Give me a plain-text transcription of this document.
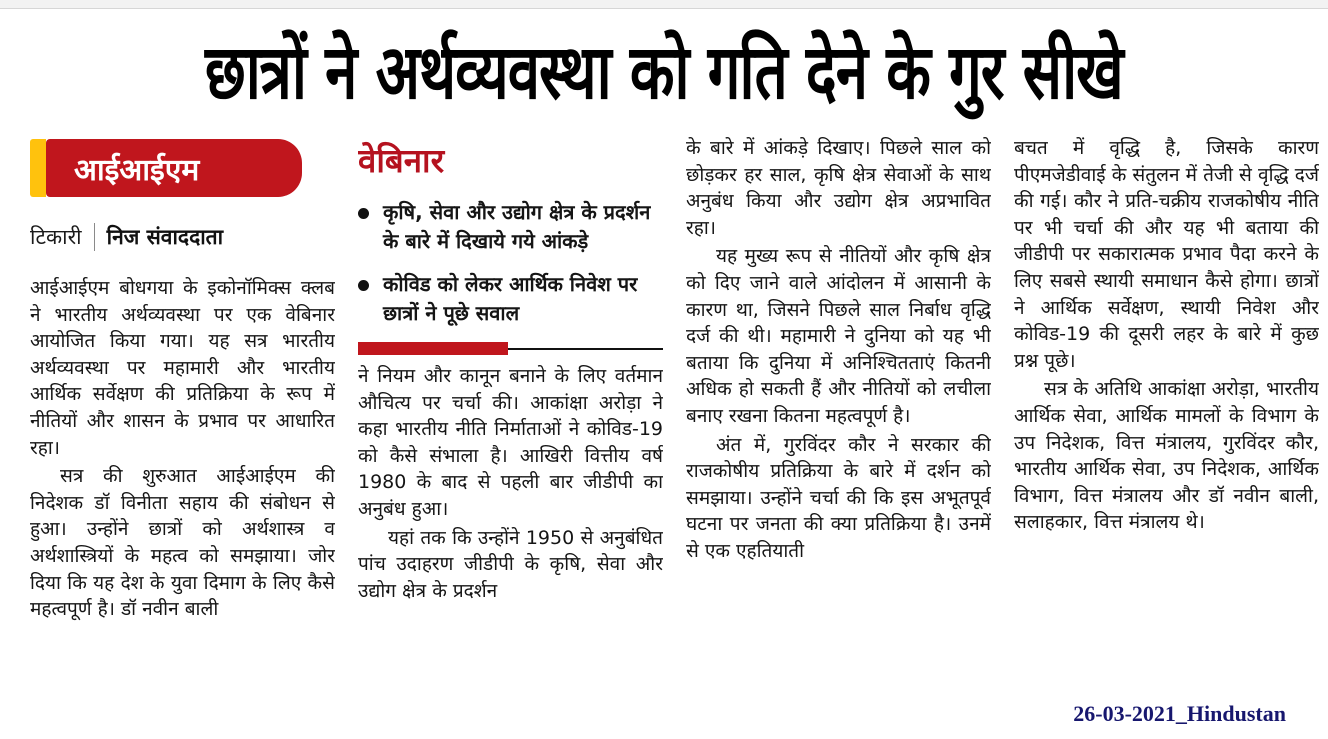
छात्रों ने अर्थव्यवस्था को गति देने के गुर सीखे
आईआईएम
टिकारी निज संवाददाता

आईआईएम बोधगया के इकोनॉमिक्स क्लब ने भारतीय अर्थव्यवस्था पर एक वेबिनार आयोजित किया गया। यह सत्र भारतीय अर्थव्यवस्था पर महामारी और भारतीय आर्थिक सर्वेक्षण की प्रतिक्रिया के रूप में नीतियों और शासन के प्रभाव पर आधारित रहा।

सत्र की शुरुआत आईआईएम की निदेशक डॉ विनीता सहाय की संबोधन से हुआ। उन्होंने छात्रों को अर्थशास्त्र व अर्थशास्त्रियों के महत्व को समझाया। जोर दिया कि यह देश के युवा दिमाग के लिए कैसे महत्वपूर्ण है। डॉ नवीन बाली

वेबिनार
कृषि, सेवा और उद्योग क्षेत्र के प्रदर्शन के बारे में दिखाये गये आंकड़े
कोविड को लेकर आर्थिक निवेश पर छात्रों ने पूछे सवाल

ने नियम और कानून बनाने के लिए वर्तमान औचित्य पर चर्चा की। आकांक्षा अरोड़ा ने कहा भारतीय नीति निर्माताओं ने कोविड-19 को कैसे संभाला है। आखिरी वित्तीय वर्ष 1980 के बाद से पहली बार जीडीपी का अनुबंध हुआ।

यहां तक कि उन्होंने 1950 से अनुबंधित पांच उदाहरण जीडीपी के कृषि, सेवा और उद्योग क्षेत्र के प्रदर्शन

के बारे में आंकड़े दिखाए। पिछले साल को छोड़कर हर साल, कृषि क्षेत्र सेवाओं के साथ अनुबंध किया और उद्योग क्षेत्र अप्रभावित रहा।

यह मुख्य रूप से नीतियों और कृषि क्षेत्र को दिए जाने वाले आंदोलन में आसानी के कारण था, जिसने पिछले साल निर्बाध वृद्धि दर्ज की थी। महामारी ने दुनिया को यह भी बताया कि दुनिया में अनिश्चितताएं कितनी अधिक हो सकती हैं और नीतियों को लचीला बनाए रखना कितना महत्वपूर्ण है।

अंत में, गुरविंदर कौर ने सरकार की राजकोषीय प्रतिक्रिया के बारे में दर्शन को समझाया। उन्होंने चर्चा की कि इस अभूतपूर्व घटना पर जनता की क्या प्रतिक्रिया है। उनमें से एक एहतियाती

बचत में वृद्धि है, जिसके कारण पीएमजेडीवाई के संतुलन में तेजी से वृद्धि दर्ज की गई। कौर ने प्रति-चक्रीय राजकोषीय नीति पर भी चर्चा की और यह भी बताया की जीडीपी पर सकारात्मक प्रभाव पैदा करने के लिए सबसे स्थायी समाधान कैसे होगा। छात्रों ने आर्थिक सर्वेक्षण, स्थायी निवेश और कोविड-19 की दूसरी लहर के बारे में कुछ प्रश्न पूछे।

सत्र के अतिथि आकांक्षा अरोड़ा, भारतीय आर्थिक सेवा, आर्थिक मामलों के विभाग के उप निदेशक, वित्त मंत्रालय, गुरविंदर कौर, भारतीय आर्थिक सेवा, उप निदेशक, आर्थिक विभाग, वित्त मंत्रालय और डॉ नवीन बाली, सलाहकार, वित्त मंत्रालय थे।

26-03-2021_Hindustan
